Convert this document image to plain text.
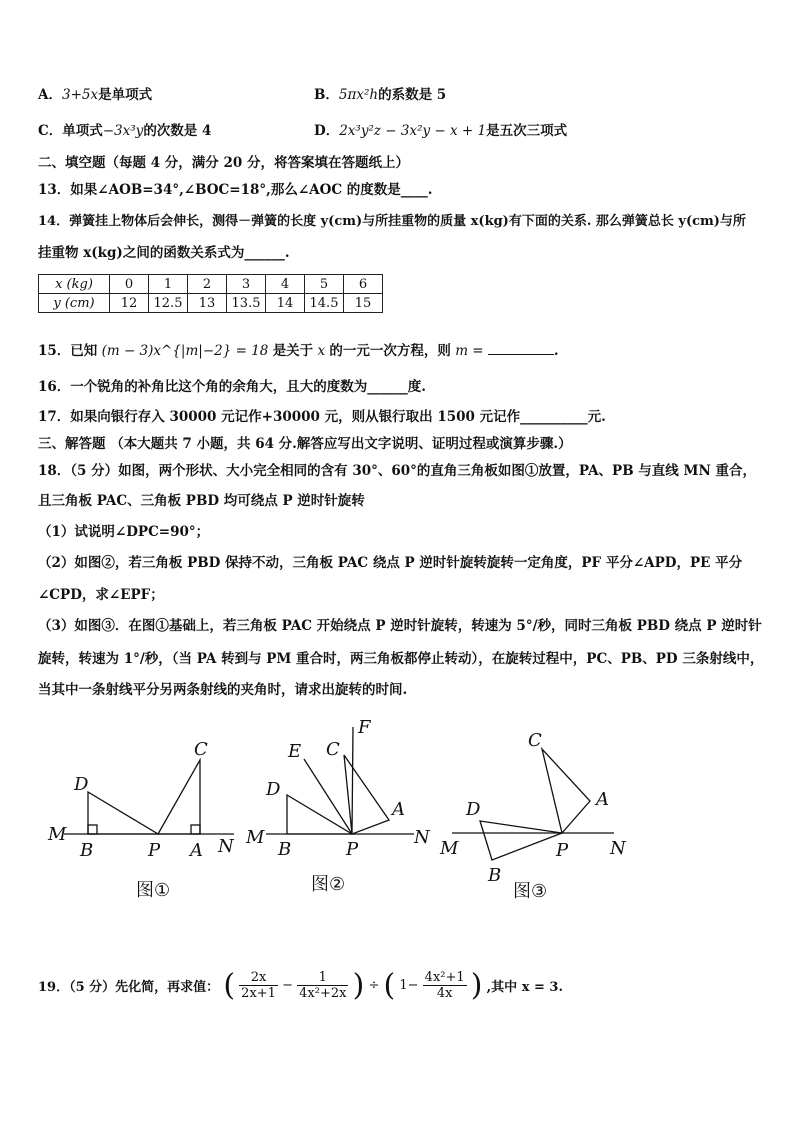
A．3+5x是单项式	B．5πx²h的系数是 5
C．单项式−3x³y的次数是 4	D．2x³y²z − 3x²y − x + 1是五次三项式
二、填空题（每题 4 分，满分 20 分，将答案填在答题纸上）
13．如果∠AOB=34°,∠BOC=18°,那么∠AOC 的度数是____.
14．弹簧挂上物体后会伸长，测得－弹簧的长度 y(cm)与所挂重物的质量 x(kg)有下面的关系. 那么弹簧总长 y(cm)与所
挂重物 x(kg)之间的函数关系式为______.
x (kg)	0	1	2	3	4	5	6
y (cm)	12	12.5	13	13.5	14	14.5	15
15．已知 (m − 3)x^{|m|−2} = 18 是关于 x 的一元一次方程，则 m =	.
16．一个锐角的补角比这个角的余角大，且大的度数为______度.
17．如果向银行存入 30000 元记作+30000 元，则从银行取出 1500 元记作__________元.
三、解答题 （本大题共 7 小题，共 64 分.解答应写出文字说明、证明过程或演算步骤.）
18．（5 分）如图，两个形状、大小完全相同的含有 30°、60°的直角三角板如图①放置，PA、PB 与直线 MN 重合，
且三角板 PAC、三角板 PBD 均可绕点 P 逆时针旋转
（1）试说明∠DPC=90°；
（2）如图②，若三角板 PBD 保持不动，三角板 PAC 绕点 P 逆时针旋转旋转一定角度，PF 平分∠APD，PE 平分
∠CPD，求∠EPF；
（3）如图③．在图①基础上，若三角板 PAC 开始绕点 P 逆时针旋转，转速为 5°/秒，同时三角板 PBD 绕点 P 逆时针
旋转，转速为 1°/秒，（当 PA 转到与 PM 重合时，两三角板都停止转动），在旋转过程中，PC、PB、PD 三条射线中，
当其中一条射线平分另两条射线的夹角时，请求出旋转的时间.
M
D
B	P A
C
N
图①
M
D
B	P
A
C
E
F
N
图②
M
D
B
P
A
C
N
图③
19．（5 分）先化简，再求值： ( $\frac{2x}{2x+1} - \frac{1}{\text{4x²+2x}}$ ) ÷ ( $1- \frac{\text{4x²+1}}{4x}$ ) ,其中 x = 3.
